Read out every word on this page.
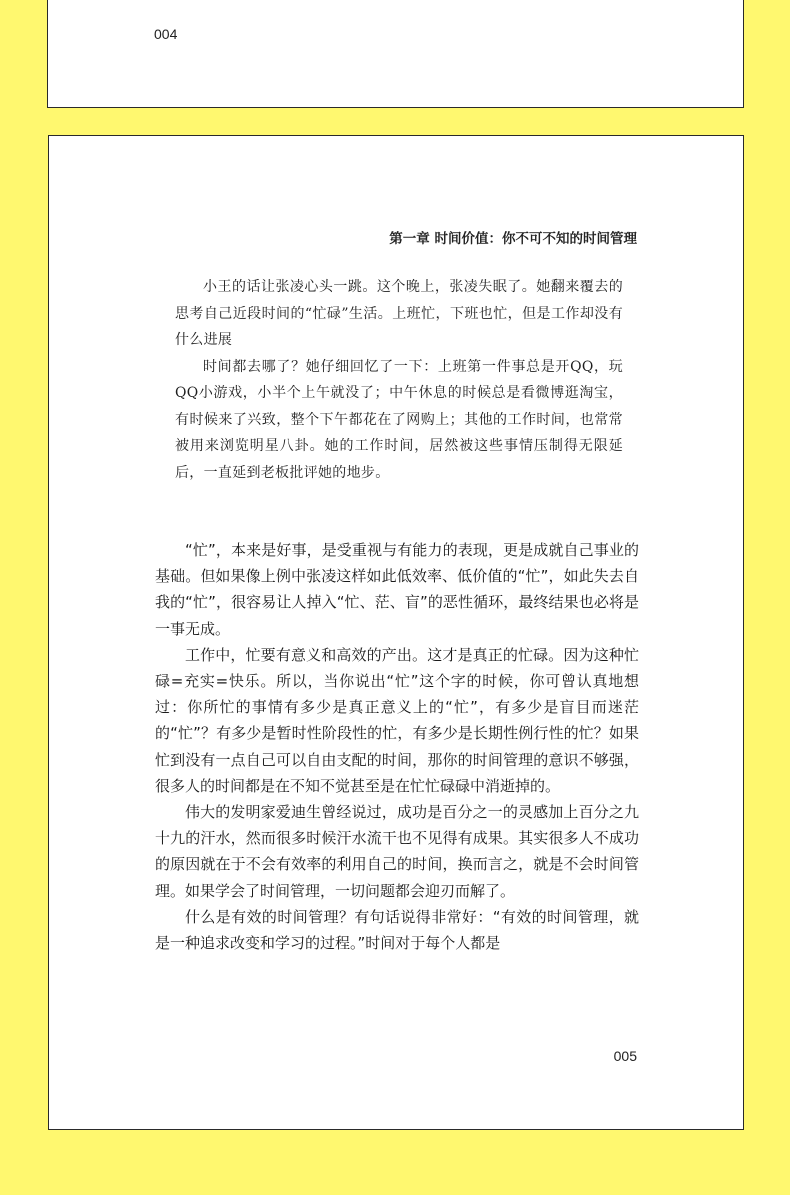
004
第一章 时间价值：你不可不知的时间管理

小王的话让张凌心头一跳。这个晚上，张凌失眠了。她翻来覆去的思考自己近段时间的“忙碌”生活。上班忙，下班也忙，但是工作却没有什么进展

时间都去哪了？她仔细回忆了一下：上班第一件事总是开QQ，玩QQ小游戏，小半个上午就没了；中午休息的时候总是看微博逛淘宝，有时候来了兴致，整个下午都花在了网购上；其他的工作时间，也常常被用来浏览明星八卦。她的工作时间，居然被这些事情压制得无限延后，一直延到老板批评她的地步。

“忙”，本来是好事，是受重视与有能力的表现，更是成就自己事业的基础。但如果像上例中张凌这样如此低效率、低价值的“忙”，如此失去自我的“忙”，很容易让人掉入“忙、茫、盲”的恶性循环，最终结果也必将是一事无成。

工作中，忙要有意义和高效的产出。这才是真正的忙碌。因为这种忙碌=充实=快乐。所以，当你说出“忙”这个字的时候，你可曾认真地想过：你所忙的事情有多少是真正意义上的“忙”，有多少是盲目而迷茫的“忙”？有多少是暂时性阶段性的忙，有多少是长期性例行性的忙？如果忙到没有一点自己可以自由支配的时间，那你的时间管理的意识不够强，很多人的时间都是在不知不觉甚至是在忙忙碌碌中消逝掉的。

伟大的发明家爱迪生曾经说过，成功是百分之一的灵感加上百分之九十九的汗水，然而很多时候汗水流干也不见得有成果。其实很多人不成功的原因就在于不会有效率的利用自己的时间，换而言之，就是不会时间管理。如果学会了时间管理，一切问题都会迎刃而解了。

什么是有效的时间管理？有句话说得非常好：“有效的时间管理，就是一种追求改变和学习的过程。”时间对于每个人都是

005
